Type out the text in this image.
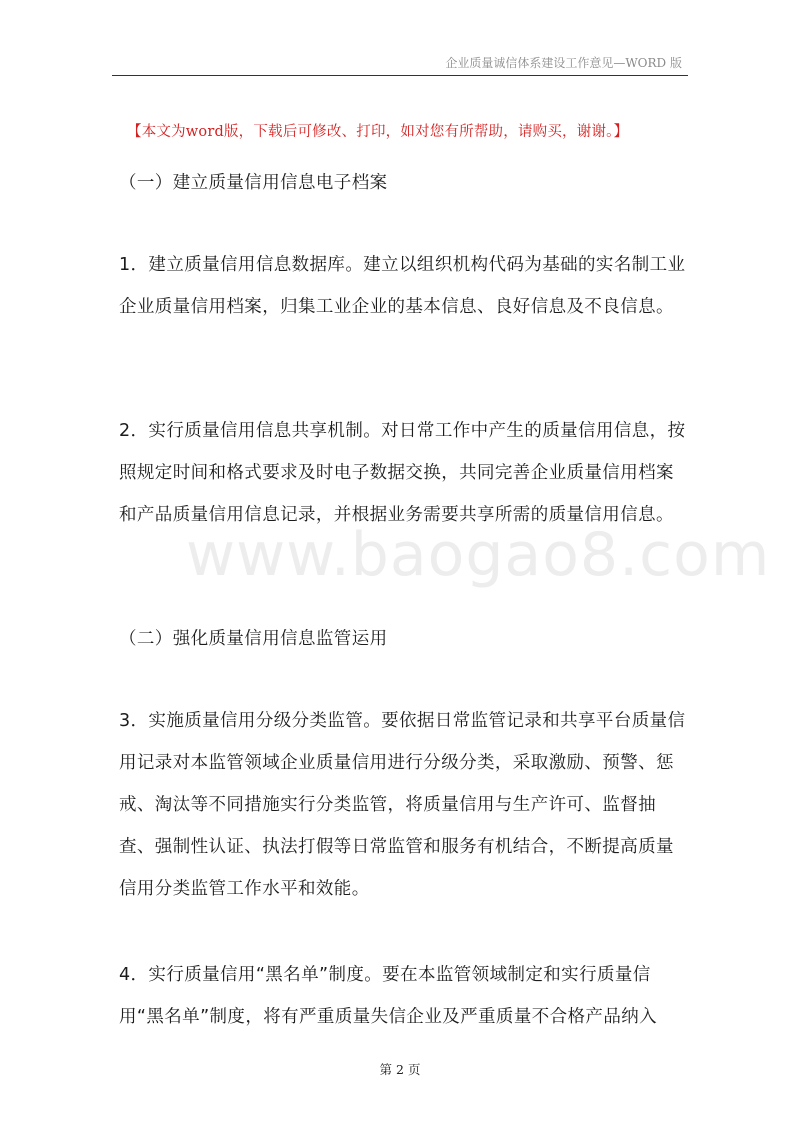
企业质量诚信体系建设工作意见—WORD 版
【本文为word版，下载后可修改、打印，如对您有所帮助，请购买，谢谢。】
（一）建立质量信用信息电子档案
1．建立质量信用信息数据库。建立以组织机构代码为基础的实名制工业企业质量信用档案，归集工业企业的基本信息、良好信息及不良信息。
2．实行质量信用信息共享机制。对日常工作中产生的质量信用信息，按照规定时间和格式要求及时电子数据交换，共同完善企业质量信用档案和产品质量信用信息记录，并根据业务需要共享所需的质量信用信息。
www.baogao8.com
（二）强化质量信用信息监管运用
3．实施质量信用分级分类监管。要依据日常监管记录和共享平台质量信用记录对本监管领域企业质量信用进行分级分类，采取激励、预警、惩戒、淘汰等不同措施实行分类监管，将质量信用与生产许可、监督抽查、强制性认证、执法打假等日常监管和服务有机结合，不断提高质量信用分类监管工作水平和效能。
4．实行质量信用“黑名单”制度。要在本监管领域制定和实行质量信用“黑名单”制度，将有严重质量失信企业及严重质量不合格产品纳入
第 2 页
